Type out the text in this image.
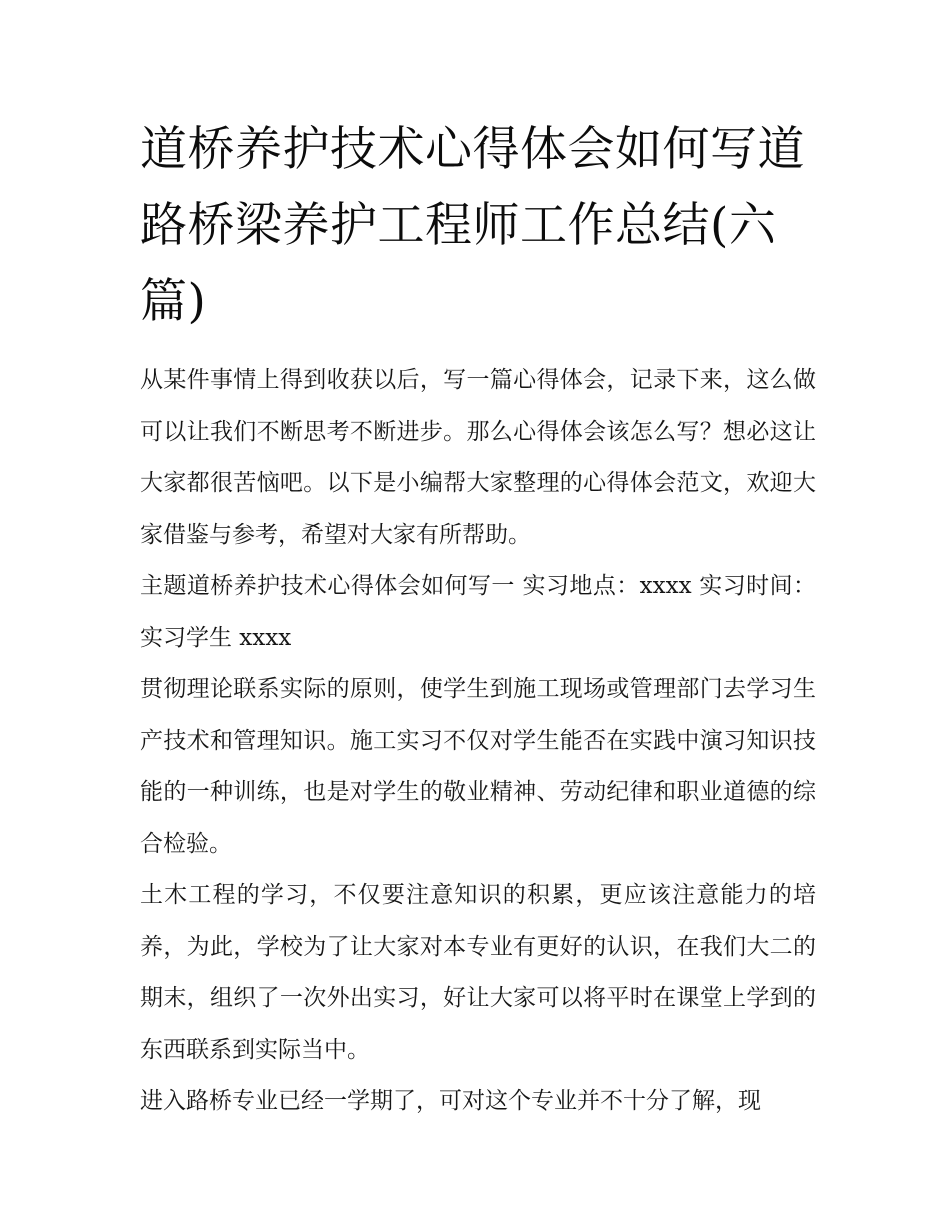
道桥养护技术心得体会如何写道路桥梁养护工程师工作总结(六篇)

从某件事情上得到收获以后，写一篇心得体会，记录下来，这么做可以让我们不断思考不断进步。那么心得体会该怎么写？想必这让大家都很苦恼吧。以下是小编帮大家整理的心得体会范文，欢迎大家借鉴与参考，希望对大家有所帮助。

主题道桥养护技术心得体会如何写一 实习地点：xxxx 实习时间： 实习学生 xxxx

贯彻理论联系实际的原则，使学生到施工现场或管理部门去学习生产技术和管理知识。施工实习不仅对学生能否在实践中演习知识技能的一种训练，也是对学生的敬业精神、劳动纪律和职业道德的综合检验。

土木工程的学习，不仅要注意知识的积累，更应该注意能力的培养，为此，学校为了让大家对本专业有更好的认识，在我们大二的期末，组织了一次外出实习，好让大家可以将平时在课堂上学到的东西联系到实际当中。

进入路桥专业已经一学期了，可对这个专业并不十分了解，现
